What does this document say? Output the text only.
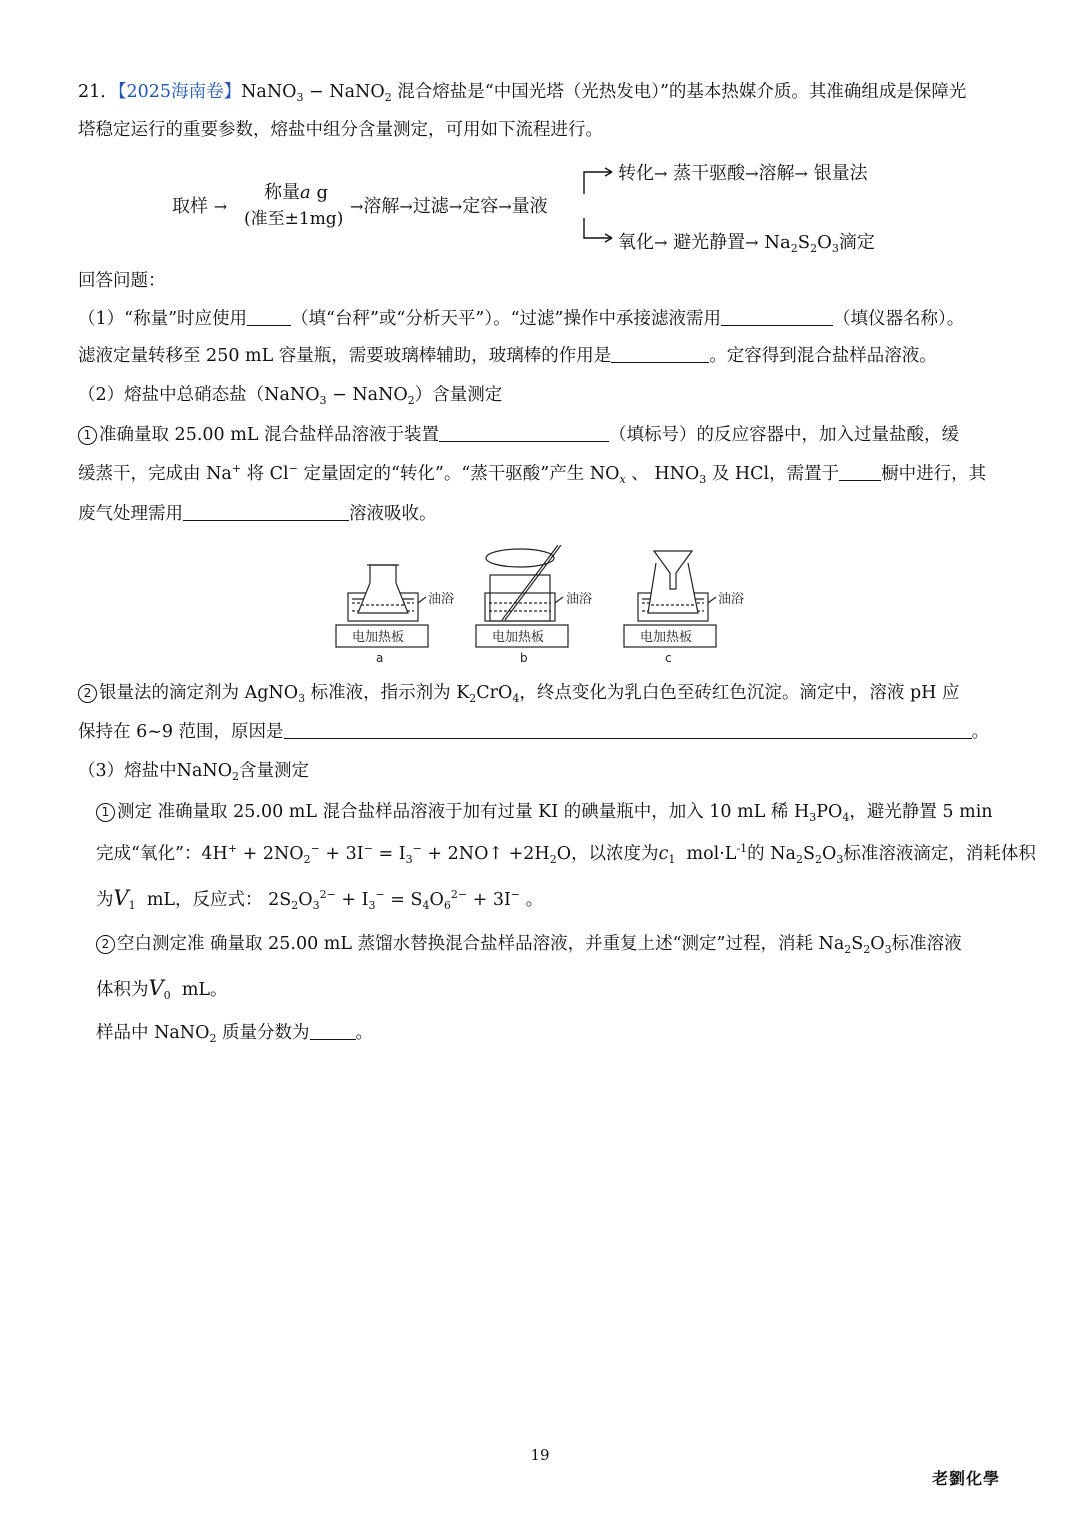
21．【2025海南卷】NaNO$_3$ − NaNO$_2$ 混合熔盐是“中国光塔（光热发电）”的基本热媒介质。其准确组成是保障光
塔稳定运行的重要参数，熔盐中组分含量测定，可用如下流程进行。
取样 →
称量a g
(准至±1mg)
→溶解→过滤→定容→量液
转化→ 蒸干驱酸→溶解→ 银量法
氧化→ 避光静置→ $Na_2S_2O_3$滴定
回答问题：
（1）“称量”时应使用	（填“台秤”或“分析天平”）。“过滤”操作中承接滤液需用	（填仪器名称）。
滤液定量转移至 250 mL 容量瓶，需要玻璃棒辅助，玻璃棒的作用是	。定容得到混合盐样品溶液。
（2）熔盐中总硝态盐（NaNO$_3$ − NaNO$_2$）含量测定
1 准确量取 25.00 mL 混合盐样品溶液于装置	（填标号）的反应容器中，加入过量盐酸，缓
缓蒸干，完成由 Na+ 将 Cl− 定量固定的“转化”。“蒸干驱酸”产生 $NO_x$ 、 $HNO_3$ 及 HCl，需置于 橱中进行，其
废气处理需用	溶液吸收。
油浴	油浴	油浴
电加热板	电加热板	电加热板
a	b	c
2 银量法的滴定剂为 AgNO$_3$ 标准液，指示剂为 $K_2CrO_4$，终点变化为乳白色至砖红色沉淀。滴定中，溶液 pH 应
保持在 6~9 范围，原因是	。
（3）熔盐中NaNO$_2$含量测定
1 测定 准确量取 25.00 mL 混合盐样品溶液于加有过量 KI 的碘量瓶中，加入 10 mL 稀 $H_3PO_4$，避光静置 5 min
完成“氧化”：$4H^+ + 2NO_2^- + 3I^- = I_3^-$ + 2NO↑ $+2H_2O$，以浓度为$c_1$ $mol\cdot L^{-1}$的 $Na_2S_2O_3$标准溶液滴定，消耗体积
为$V_1$ mL，反应式： $2S_2O_3^{2-} + I_3^- = S_4O_6^{2-} + 3I^-$ 。
2 空白测定准 确量取 25.00 mL 蒸馏水替换混合盐样品溶液，并重复上述“测定”过程，消耗 $Na_2S_2O_3$标准溶液
体积为$V_0$ mL。
样品中 NaNO$_2$ 质量分数为	。
19
老劉化學
